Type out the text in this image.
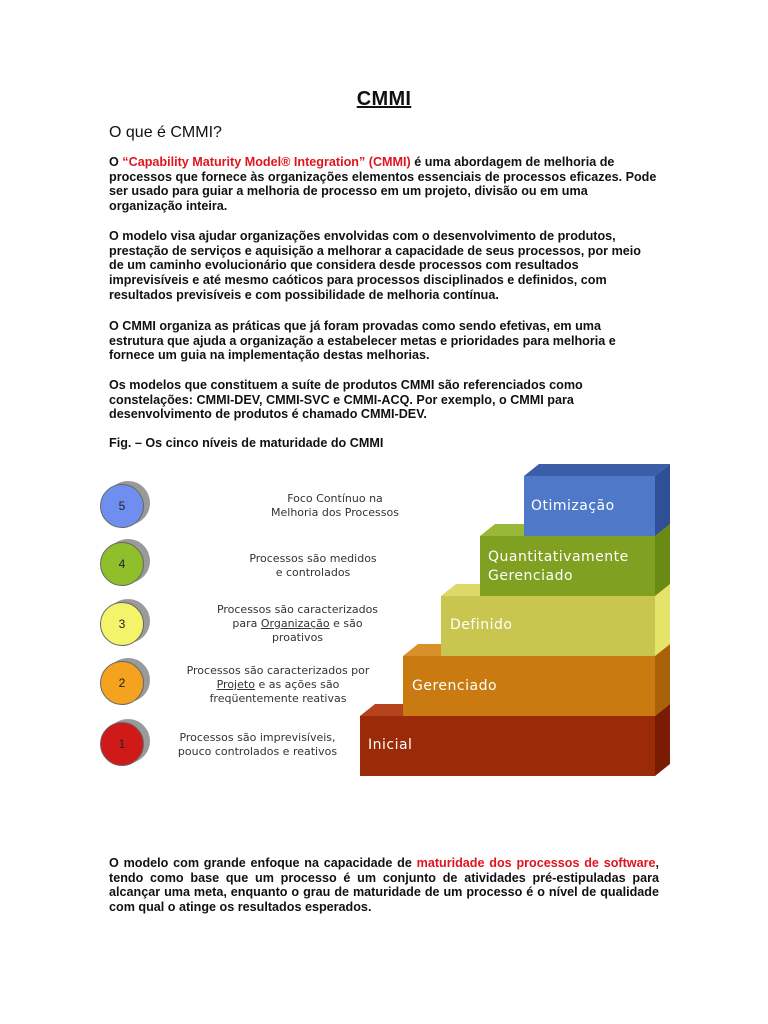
CMMI
O que é CMMI?

O “Capability Maturity Model® Integration” (CMMI) é uma abordagem de melhoria de processos que fornece às organizações elementos essenciais de processos eficazes. Pode ser usado para guiar a melhoria de processo em um projeto, divisão ou em uma organização inteira.

O modelo visa ajudar organizações envolvidas com o desenvolvimento de produtos, prestação de serviços e aquisição a melhorar a capacidade de seus processos, por meio de um caminho evolucionário que considera desde processos com resultados imprevisíveis e até mesmo caóticos para processos disciplinados e definidos, com resultados previsíveis e com possibilidade de melhoria contínua.

O CMMI organiza as práticas que já foram provadas como sendo efetivas, em uma estrutura que ajuda a organização a estabelecer metas e prioridades para melhoria e fornece um guia na implementação destas melhorias.

Os modelos que constituem a suíte de produtos CMMI são referenciados como constelações: CMMI-DEV, CMMI-SVC e CMMI-ACQ. Por exemplo, o CMMI para desenvolvimento de produtos é chamado CMMI-DEV.

Fig. – Os cinco níveis de maturidade do CMMI
5
4
3
2
1
Foco Contínuo na
Melhoria dos Processos
Processos são medidos
e controlados
Processos são caracterizados
para Organização e são
proativos
Processos são caracterizados por
Projeto e as ações são
freqüentemente reativas
Processos são imprevisíveis,
pouco controlados e reativos
Otimização
Quantitativamente
Gerenciado
Definido
Gerenciado
Inicial

O modelo com grande enfoque na capacidade de maturidade dos processos de software, tendo como base que um processo é um conjunto de atividades pré-estipuladas para alcançar uma meta, enquanto o grau de maturidade de um processo é o nível de qualidade com qual o atinge os resultados esperados.
